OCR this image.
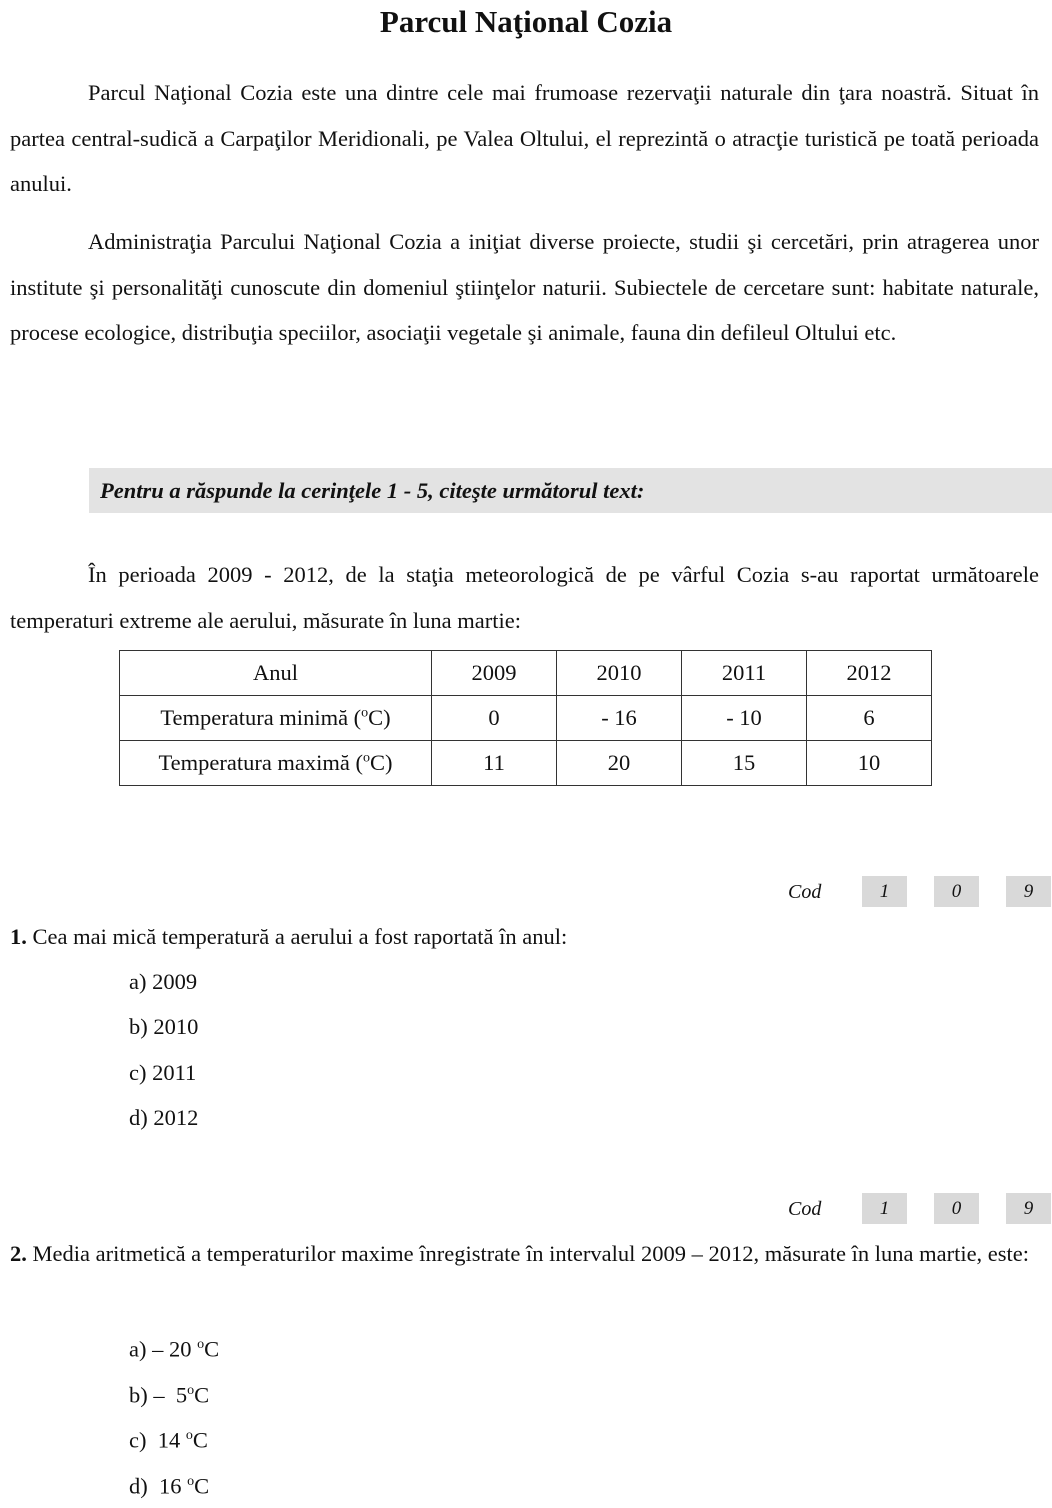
Parcul Naţional Cozia

Parcul Naţional Cozia este una dintre cele mai frumoase rezervaţii naturale din ţara noastră. Situat în partea central-sudică a Carpaţilor Meridionali, pe Valea Oltului, el reprezintă o atracţie turistică pe toată perioada anului.

Administraţia Parcului Naţional Cozia a iniţiat diverse proiecte, studii şi cercetări, prin atragerea unor institute şi personalităţi cunoscute din domeniul ştiinţelor naturii. Subiectele de cercetare sunt: habitate naturale, procese ecologice, distribuţia speciilor, asociaţii vegetale şi animale, fauna din defileul Oltului etc.

Pentru a răspunde la cerinţele 1 - 5, citeşte următorul text:

În perioada 2009 - 2012, de la staţia meteorologică de pe vârful Cozia s-au raportat următoarele temperaturi extreme ale aerului, măsurate în luna martie:

Anul	2009	2010	2011	2012
Temperatura minimă ($^o$C)	0	- 16	- 10	6
Temperatura maximă ($^o$C)	11	20	15	10
Cod	1	0	9

1. Cea mai mică temperatură a aerului a fost raportată în anul:

a) 2009

b) 2010

c) 2011

d) 2012

Cod	1	0	9

2. Media aritmetică a temperaturilor maxime înregistrate în intervalul 2009 – 2012, măsurate în luna martie, este:

a) – 20 $^o$C

b) –  5$^o$C

c)  14 $^o$C

d)  16 $^o$C
